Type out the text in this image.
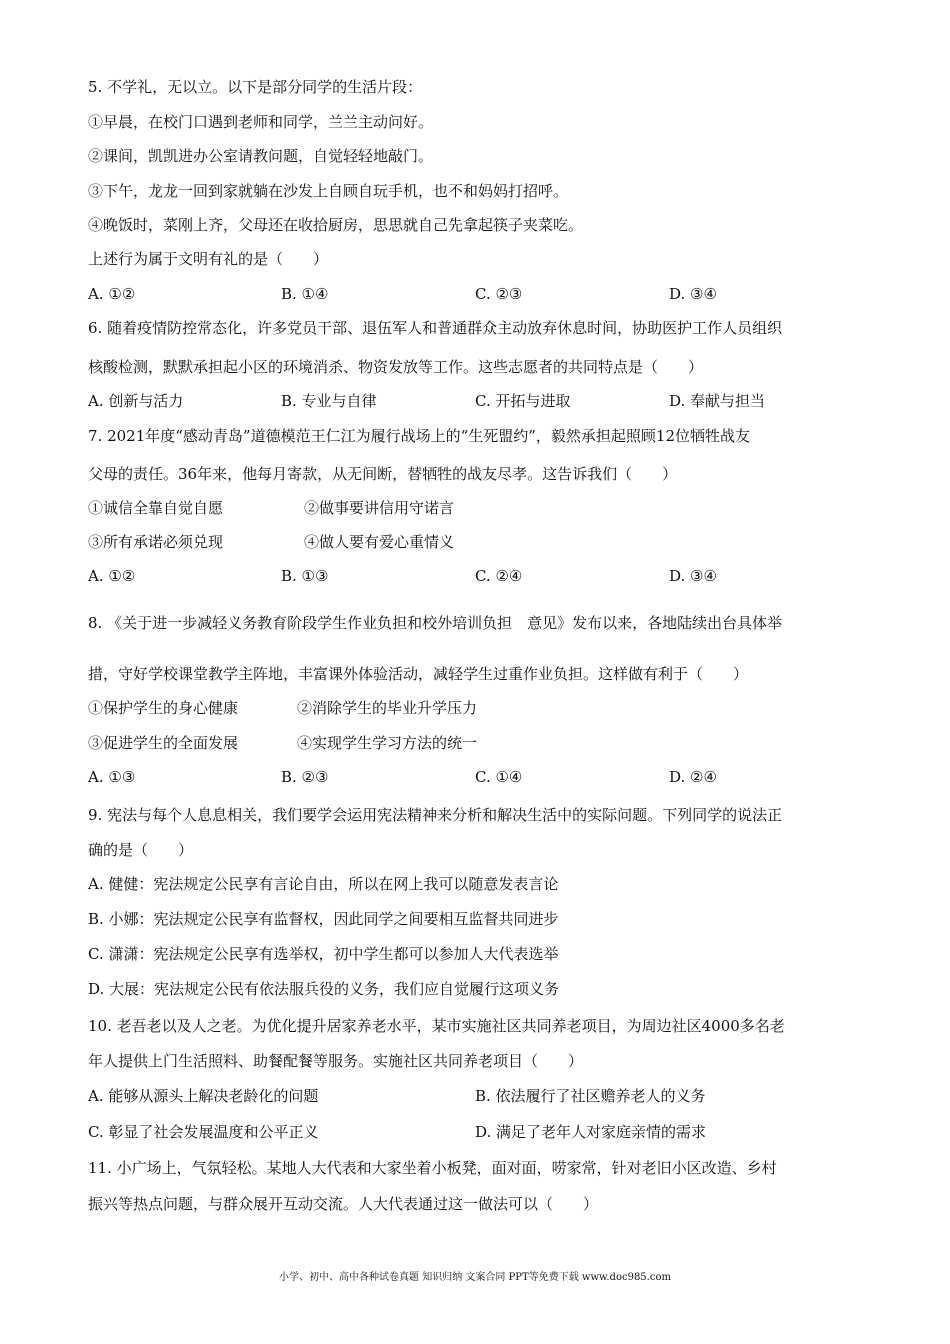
5. 不学礼，无以立。以下是部分同学的生活片段：
①早晨，在校门口遇到老师和同学，兰兰主动问好。
②课间，凯凯进办公室请教问题，自觉轻轻地敲门。
③下午，龙龙一回到家就躺在沙发上自顾自玩手机，也不和妈妈打招呼。
④晚饭时，菜刚上齐，父母还在收拾厨房，思思就自己先拿起筷子夹菜吃。
上述行为属于文明有礼的是（　　）
A. ①②	B. ①④	C. ②③	D. ③④
6. 随着疫情防控常态化，许多党员干部、退伍军人和普通群众主动放弃休息时间，协助医护工作人员组织
核酸检测，默默承担起小区的环境消杀、物资发放等工作。这些志愿者的共同特点是（　　）
A. 创新与活力	B. 专业与自律	C. 开拓与进取	D. 奉献与担当
7. 2021年度“感动青岛”道德模范王仁江为履行战场上的“生死盟约”，毅然承担起照顾12位牺牲战友
父母的责任。36年来，他每月寄款，从无间断，替牺牲的战友尽孝。这告诉我们（　　）
①诚信全靠自觉自愿	②做事要讲信用守诺言
③所有承诺必须兑现	④做人要有爱心重情义
A. ①②	B. ①③	C. ②④	D. ③④
8. 《关于进一步减轻义务教育阶段学生作业负担和校外培训负担　意见》发布以来，各地陆续出台具体举
措，守好学校课堂教学主阵地，丰富课外体验活动，减轻学生过重作业负担。这样做有利于（　　）
①保护学生的身心健康	②消除学生的毕业升学压力
③促进学生的全面发展	④实现学生学习方法的统一
A. ①③	B. ②③	C. ①④	D. ②④
9. 宪法与每个人息息相关，我们要学会运用宪法精神来分析和解决生活中的实际问题。下列同学的说法正
确的是（　　）
A. 健健：宪法规定公民享有言论自由，所以在网上我可以随意发表言论
B. 小娜：宪法规定公民享有监督权，因此同学之间要相互监督共同进步
C. 潇潇：宪法规定公民享有选举权，初中学生都可以参加人大代表选举
D. 大展：宪法规定公民有依法服兵役的义务，我们应自觉履行这项义务
10. 老吾老以及人之老。为优化提升居家养老水平，某市实施社区共同养老项目，为周边社区4000多名老
年人提供上门生活照料、助餐配餐等服务。实施社区共同养老项目（　　）
A. 能够从源头上解决老龄化的问题	B. 依法履行了社区赡养老人的义务
C. 彰显了社会发展温度和公平正义	D. 满足了老年人对家庭亲情的需求
11. 小广场上，气氛轻松。某地人大代表和大家坐着小板凳，面对面，唠家常，针对老旧小区改造、乡村
振兴等热点问题，与群众展开互动交流。人大代表通过这一做法可以（　　）
小学、初中、高中各种试卷真题 知识归纳 文案合同 PPT等免费下载 www.doc985.com
